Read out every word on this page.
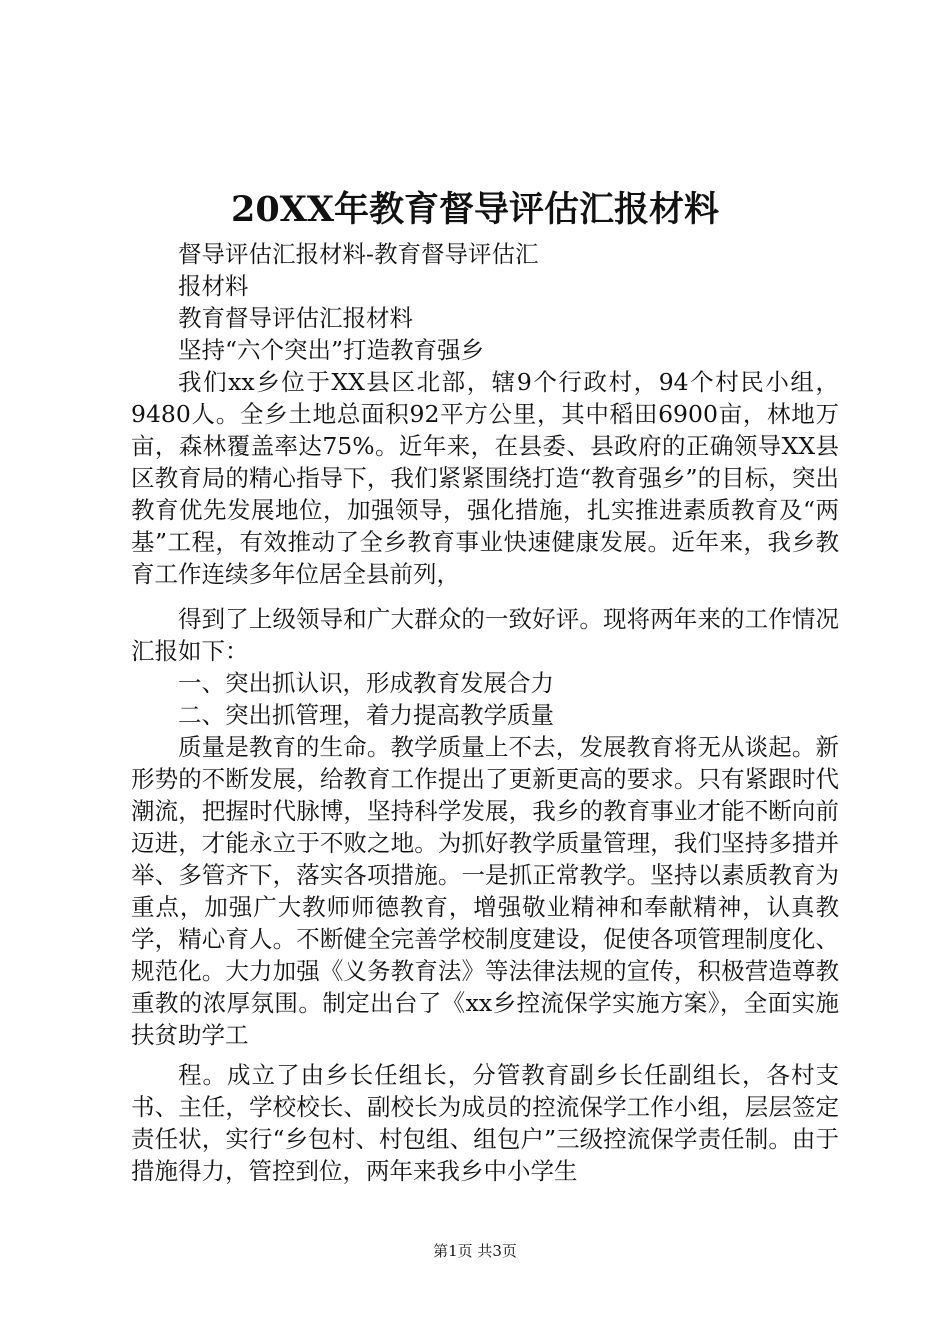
20XX年教育督导评估汇报材料

督导评估汇报材料-教育督导评估汇

报材料

教育督导评估汇报材料

坚持“六个突出”打造教育强乡

我们xx乡位于XX县区北部，辖9个行政村，94个村民小组，9480人。全乡土地总面积92平方公里，其中稻田6900亩，林地万亩，森林覆盖率达75%。近年来，在县委、县政府的正确领导XX县区教育局的精心指导下，我们紧紧围绕打造“教育强乡”的目标，突出教育优先发展地位，加强领导，强化措施，扎实推进素质教育及“两基”工程，有效推动了全乡教育事业快速健康发展。近年来，我乡教育工作连续多年位居全县前列，

得到了上级领导和广大群众的一致好评。现将两年来的工作情况汇报如下：

一、突出抓认识，形成教育发展合力

二、突出抓管理，着力提高教学质量

质量是教育的生命。教学质量上不去，发展教育将无从谈起。新形势的不断发展，给教育工作提出了更新更高的要求。只有紧跟时代潮流，把握时代脉博，坚持科学发展，我乡的教育事业才能不断向前迈进，才能永立于不败之地。为抓好教学质量管理，我们坚持多措并举、多管齐下，落实各项措施。一是抓正常教学。坚持以素质教育为重点，加强广大教师师德教育，增强敬业精神和奉献精神，认真教学，精心育人。不断健全完善学校制度建设，促使各项管理制度化、规范化。大力加强《义务教育法》等法律法规的宣传，积极营造尊教重教的浓厚氛围。制定出台了《xx乡控流保学实施方案》，全面实施扶贫助学工

程。成立了由乡长任组长，分管教育副乡长任副组长，各村支书、主任，学校校长、副校长为成员的控流保学工作小组，层层签定责任状，实行“乡包村、村包组、组包户”三级控流保学责任制。由于措施得力，管控到位，两年来我乡中小学生

第1页 共3页
